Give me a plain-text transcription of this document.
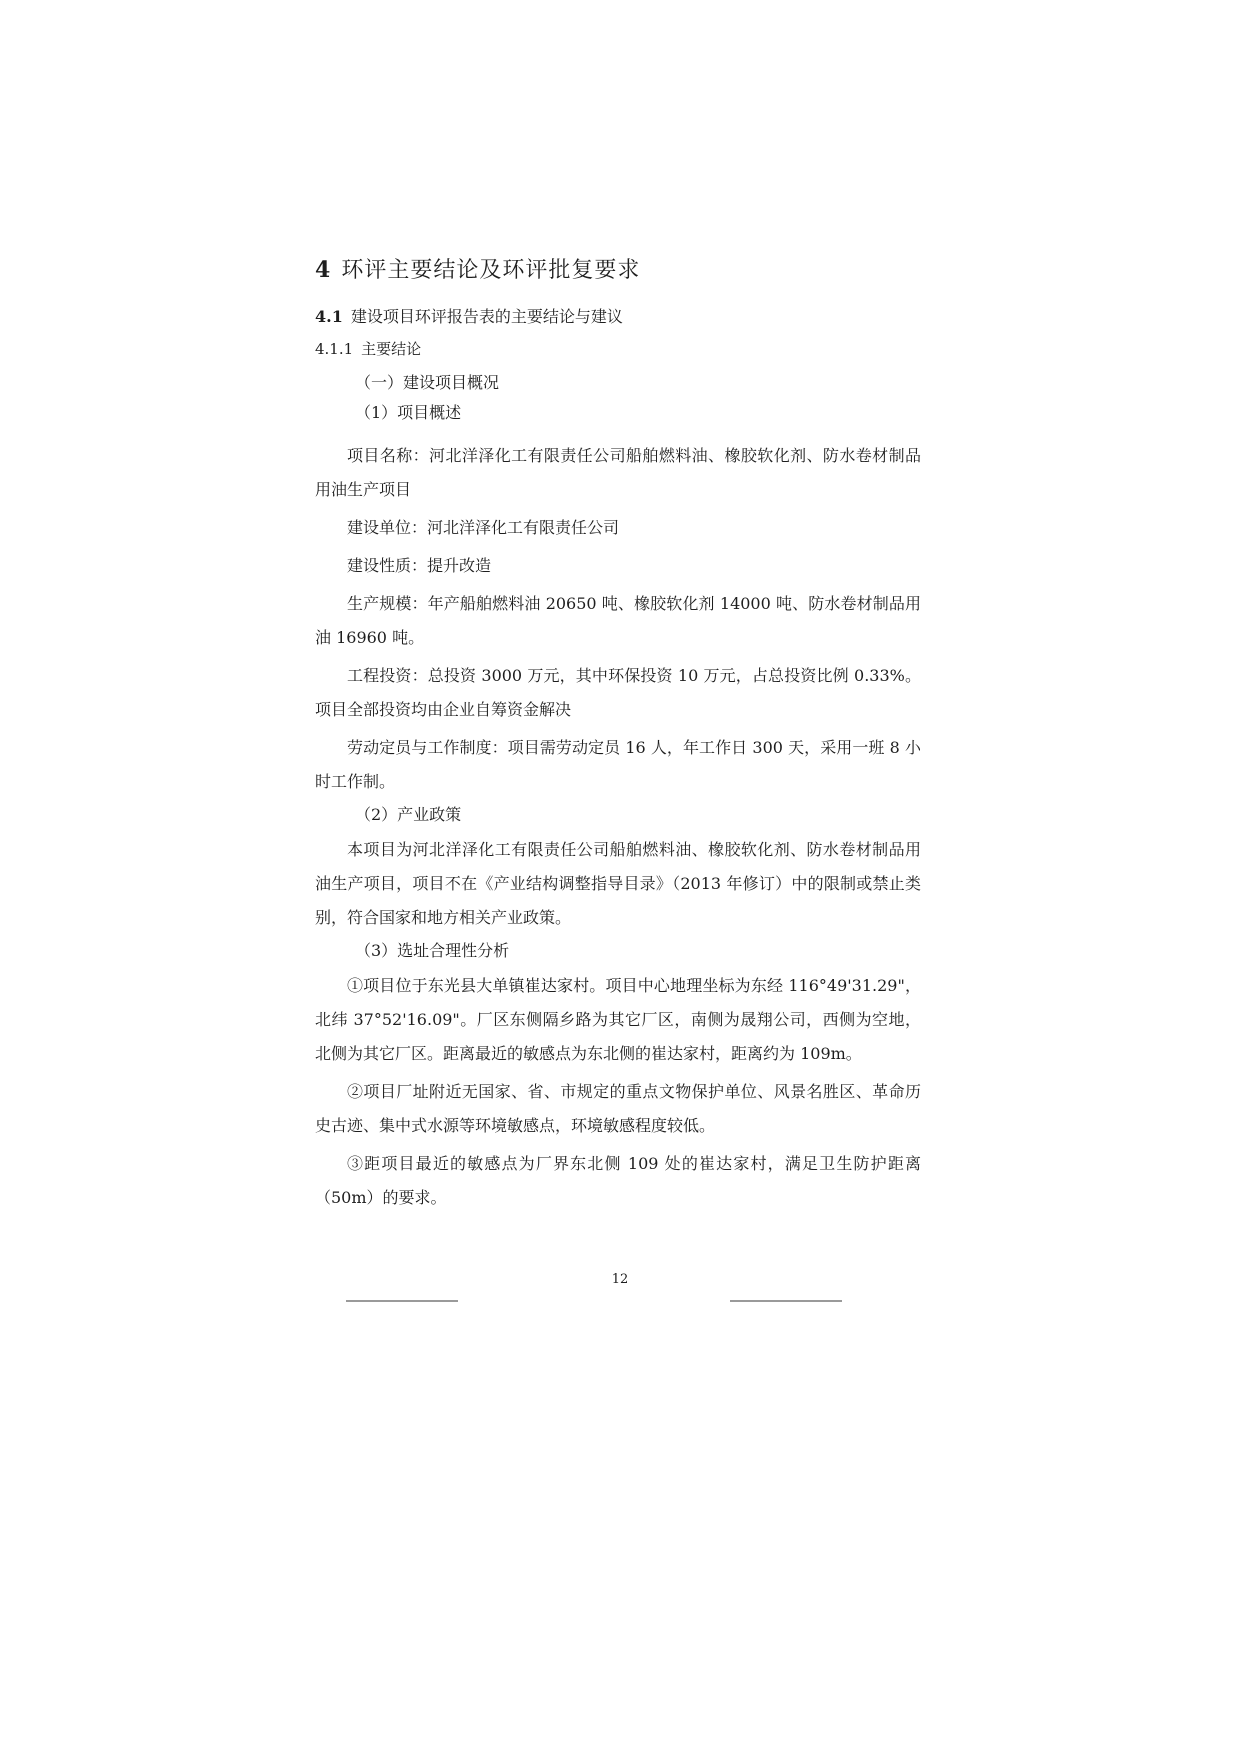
4 环评主要结论及环评批复要求
4.1 建设项目环评报告表的主要结论与建议
4.1.1 主要结论
（一）建设项目概况
（1）项目概述

项目名称：河北洋泽化工有限责任公司船舶燃料油、橡胶软化剂、防水卷材制品用油生产项目

建设单位：河北洋泽化工有限责任公司

建设性质：提升改造

生产规模：年产船舶燃料油 20650 吨、橡胶软化剂 14000 吨、防水卷材制品用油 16960 吨。

工程投资：总投资 3000 万元，其中环保投资 10 万元，占总投资比例 0.33%。项目全部投资均由企业自筹资金解决

劳动定员与工作制度：项目需劳动定员 16 人，年工作日 300 天，采用一班 8 小时工作制。

（2）产业政策

本项目为河北洋泽化工有限责任公司船舶燃料油、橡胶软化剂、防水卷材制品用油生产项目，项目不在《产业结构调整指导目录》（2013 年修订）中的限制或禁止类别，符合国家和地方相关产业政策。

（3）选址合理性分析

①项目位于东光县大单镇崔达家村。项目中心地理坐标为东经 116°49'31.29"，北纬 37°52'16.09"。厂区东侧隔乡路为其它厂区，南侧为晟翔公司，西侧为空地，北侧为其它厂区。距离最近的敏感点为东北侧的崔达家村，距离约为 109m。

②项目厂址附近无国家、省、市规定的重点文物保护单位、风景名胜区、革命历史古迹、集中式水源等环境敏感点，环境敏感程度较低。

③距项目最近的敏感点为厂界东北侧 109 处的崔达家村，满足卫生防护距离（50m）的要求。

12
